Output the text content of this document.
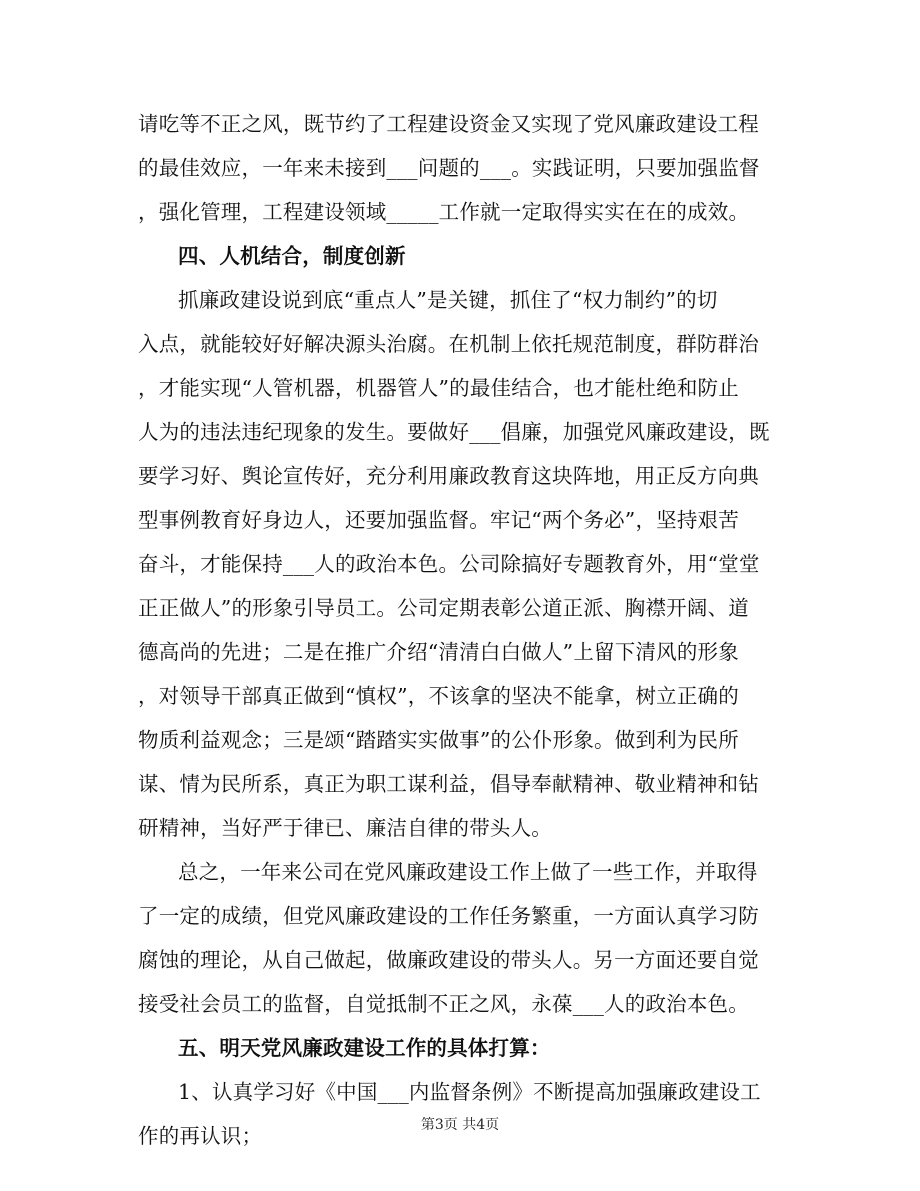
请吃等不正之风，既节约了工程建设资金又实现了党风廉政建设工程
的最佳效应，一年来未接到___问题的___。实践证明，只要加强监督
，强化管理，工程建设领域_____工作就一定取得实实在在的成效。
四、人机结合，制度创新
抓廉政建设说到底“重点人”是关键，抓住了“权力制约”的切
入点，就能较好好解决源头治腐。在机制上依托规范制度，群防群治
，才能实现“人管机器，机器管人”的最佳结合，也才能杜绝和防止
人为的违法违纪现象的发生。要做好___倡廉，加强党风廉政建设，既
要学习好、舆论宣传好，充分利用廉政教育这块阵地，用正反方向典
型事例教育好身边人，还要加强监督。牢记“两个务必”，坚持艰苦
奋斗，才能保持___人的政治本色。公司除搞好专题教育外，用“堂堂
正正做人”的形象引导员工。公司定期表彰公道正派、胸襟开阔、道
德高尚的先进；二是在推广介绍“清清白白做人”上留下清风的形象
，对领导干部真正做到“慎权”，不该拿的坚决不能拿，树立正确的
物质利益观念；三是颂“踏踏实实做事”的公仆形象。做到利为民所
谋、情为民所系，真正为职工谋利益，倡导奉献精神、敬业精神和钻
研精神，当好严于律已、廉洁自律的带头人。
总之，一年来公司在党风廉政建设工作上做了一些工作，并取得
了一定的成绩，但党风廉政建设的工作任务繁重，一方面认真学习防
腐蚀的理论，从自己做起，做廉政建设的带头人。另一方面还要自觉
接受社会员工的监督，自觉抵制不正之风，永葆___人的政治本色。
五、明天党风廉政建设工作的具体打算：
1、认真学习好《中国___内监督条例》不断提高加强廉政建设工
作的再认识；	第3页 共4页
